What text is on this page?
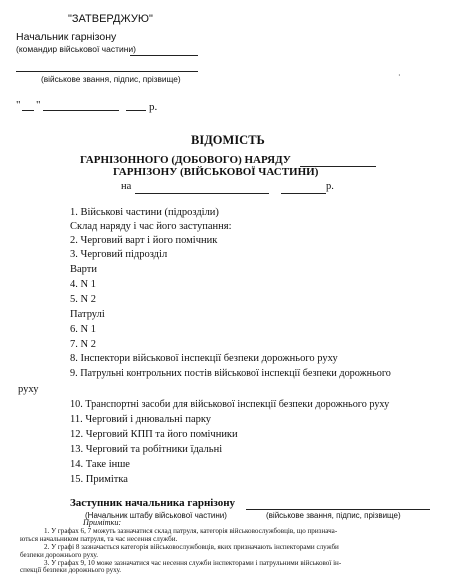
"ЗАТВЕРДЖУЮ"
Начальник гарнізону
(командир військової частини)
(військове звання, підпис, прізвище)	·
" "	р.
ВІДОМІСТЬ
ГАРНІЗОННОГО (ДОБОВОГО) НАРЯДУ
ГАРНІЗОНУ (ВІЙСЬКОВОЇ ЧАСТИНИ)
на	р.
1. Військові частини (підрозділи)
Склад наряду і час його заступання:
2. Черговий варт і його помічник
3. Черговий підрозділ
Варти
4. N 1
5. N 2
Патрулі
6. N 1
7. N 2
8. Інспектори військової інспекції безпеки дорожнього руху
9. Патрульні контрольних постів військової інспекції безпеки дорожнього
руху
10. Транспортні засоби для військової інспекції безпеки дорожнього руху
11. Черговий і днювальні парку
12. Черговий КПП та його помічники
13. Черговий та робітники їдальні
14. Таке інше
15. Примітка
Заступник начальника гарнізону
(Начальник штабу військової частини)	(військове звання, підпис, прізвище)
Примітки:
1. У графах 6, 7 можуть зазначатися склад патруля, категорія військовослужбовців, що признача-
ються начальником патруля, та час несення служби.
2. У графі 8 зазначається категорія військовослужбовців, яких призначають інспекторами служби
безпеки дорожнього руху.
3. У графах 9, 10 може зазначатися час несення служби інспекторами і патрульними військової ін-
спекції безпеки дорожнього руху.
